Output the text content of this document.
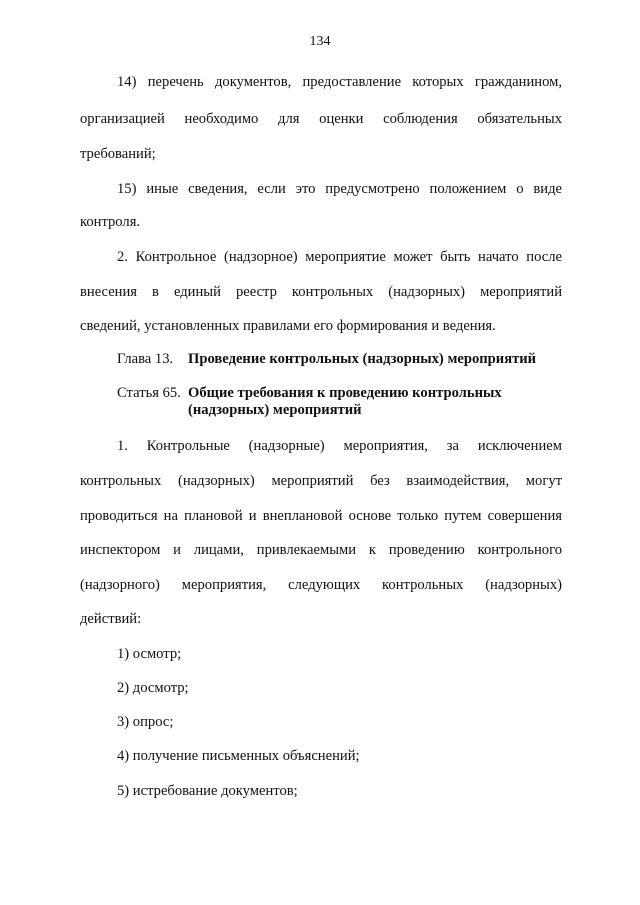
134
14) перечень документов, предоставление которых гражданином,
организацией необходимо для оценки соблюдения обязательных
требований;
15) иные сведения, если это предусмотрено положением о виде
контроля.
2. Контрольное (надзорное) мероприятие может быть начато после
внесения в единый реестр контрольных (надзорных) мероприятий
сведений, установленных правилами его формирования и ведения.
Глава 13. Проведение контрольных (надзорных) мероприятий
Статья 65. Общие требования к проведению контрольных
(надзорных) мероприятий
1. Контрольные (надзорные) мероприятия, за исключением
контрольных (надзорных) мероприятий без взаимодействия, могут
проводиться на плановой и внеплановой основе только путем совершения
инспектором и лицами, привлекаемыми к проведению контрольного
(надзорного) мероприятия, следующих контрольных (надзорных)
действий:
1) осмотр;
2) досмотр;
3) опрос;
4) получение письменных объяснений;
5) истребование документов;
